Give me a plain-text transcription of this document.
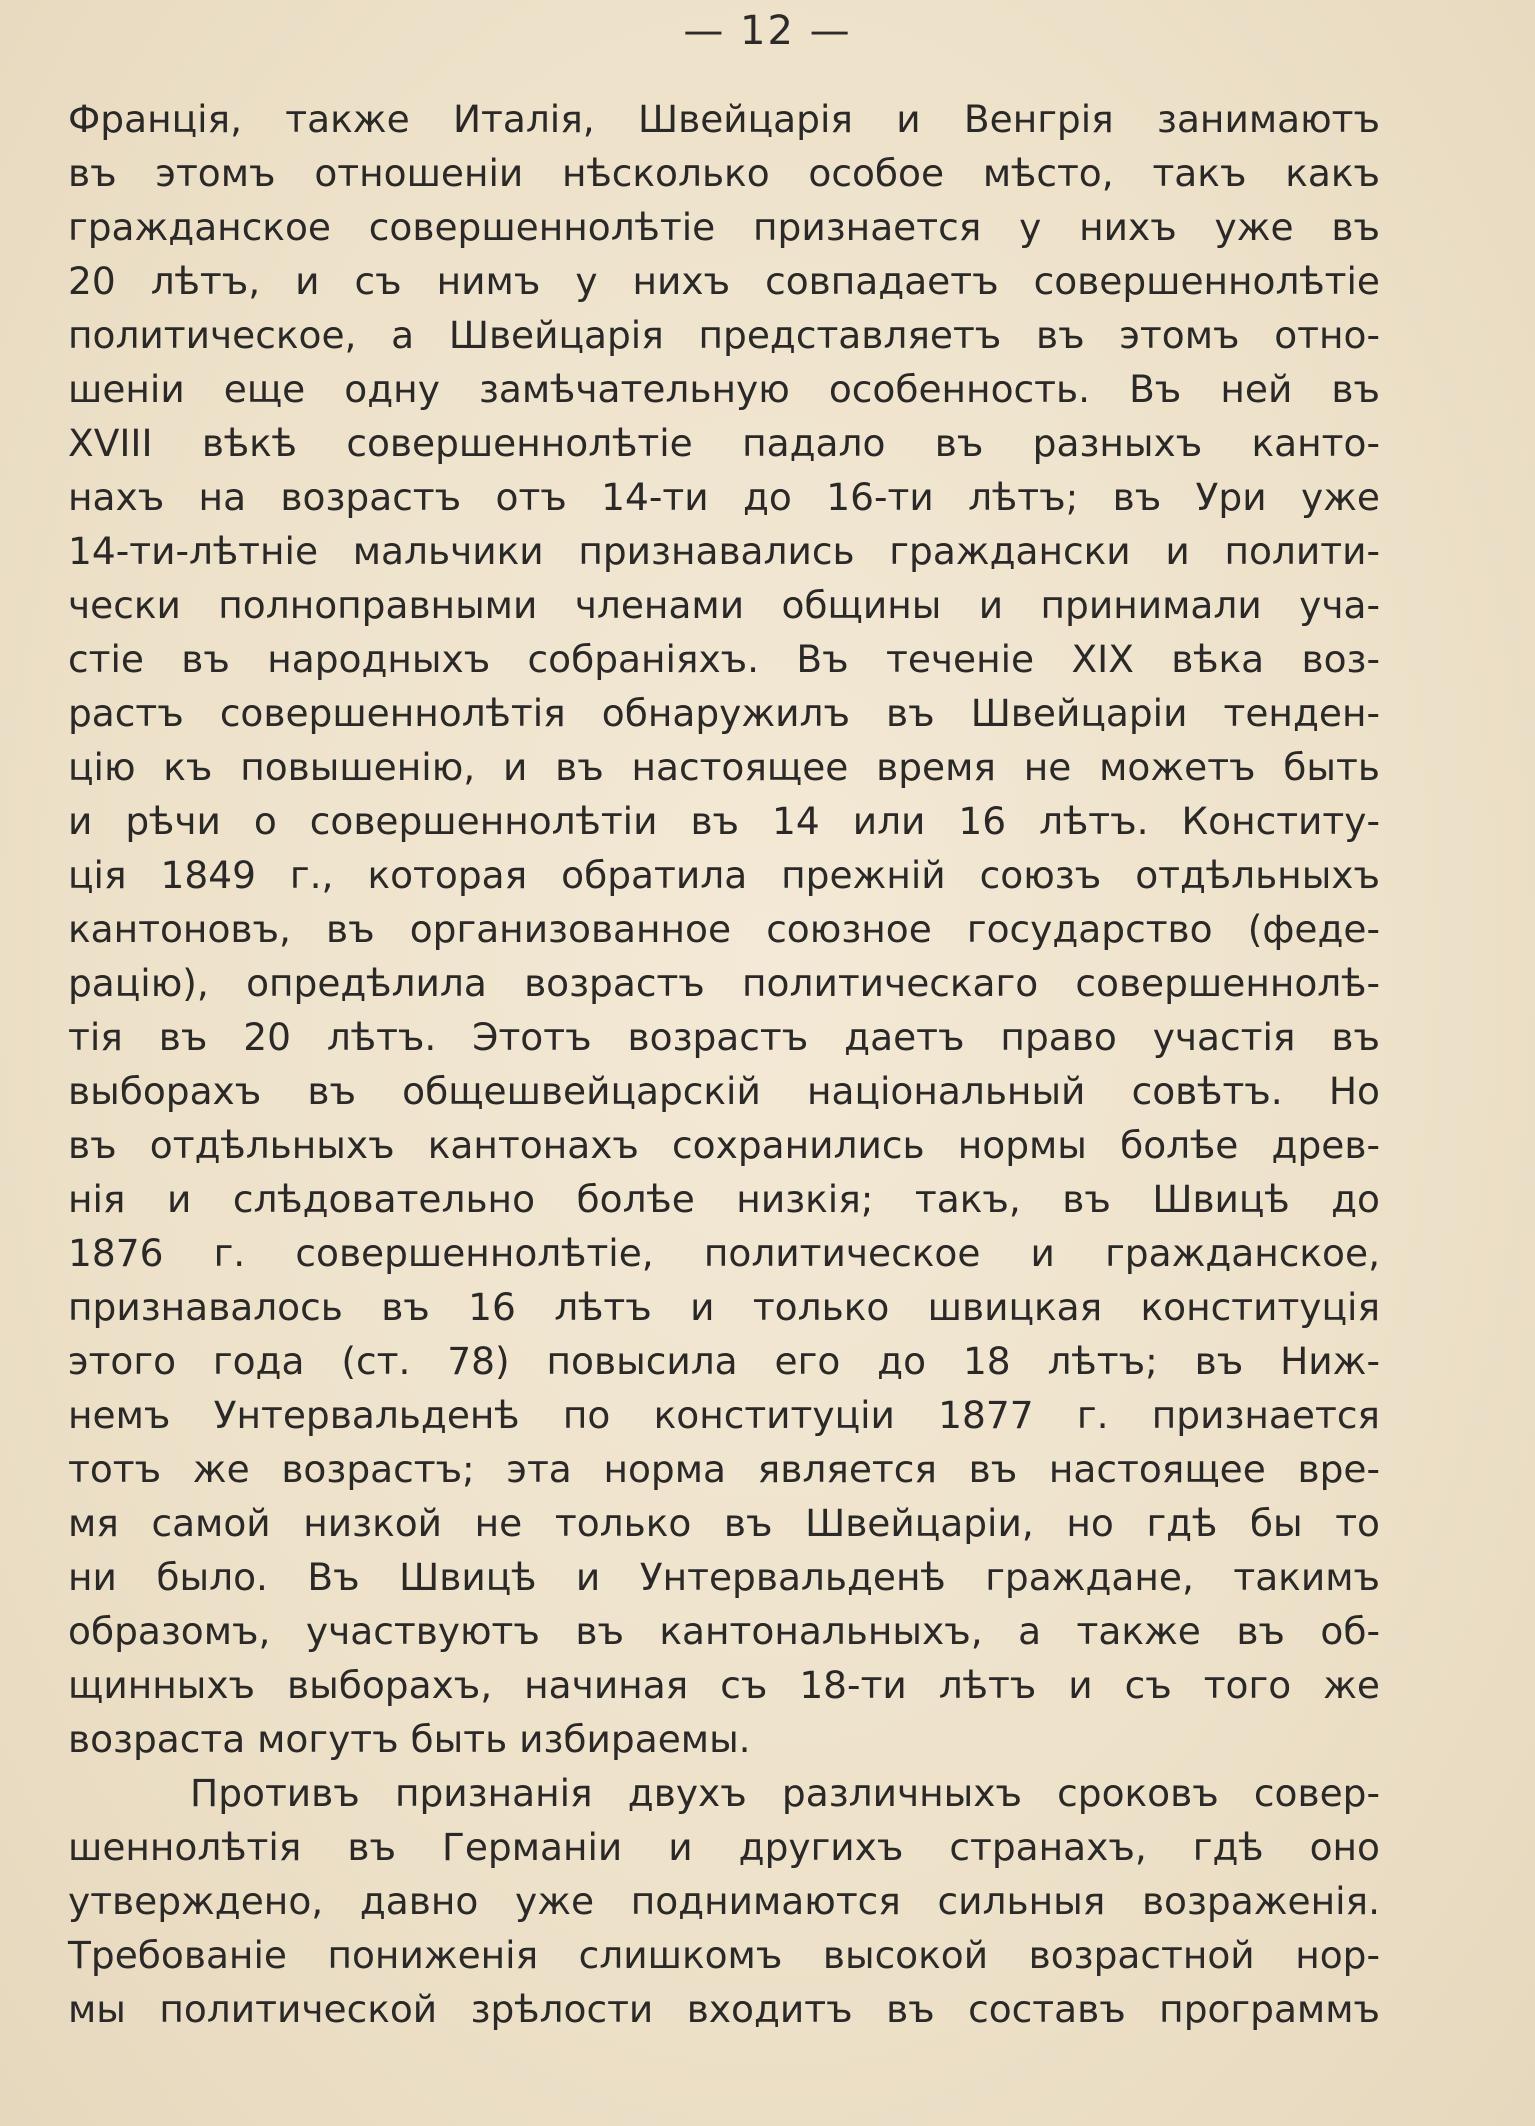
— 12 —
Францiя, также Италiя, Швейцарiя и Венгрiя занимаютъ
въ этомъ отношенiи нѣсколько особое мѣсто, такъ какъ
гражданское совершеннолѣтiе признается у нихъ уже въ
20 лѣтъ, и съ нимъ у нихъ совпадаетъ совершеннолѣтiе
политическое, а Швейцарiя представляетъ въ этомъ отно-
шенiи еще одну замѣчательную особенность. Въ ней въ
XVIII вѣкѣ совершеннолѣтiе падало въ разныхъ канто-
нахъ на возрастъ отъ 14-ти до 16-ти лѣтъ; въ Ури уже
14-ти-лѣтнiе мальчики признавались граждански и полити-
чески полноправными членами общины и принимали уча-
стiе въ народныхъ собранiяхъ. Въ теченiе XIX вѣка воз-
растъ совершеннолѣтiя обнаружилъ въ Швейцарiи тенден-
цiю къ повышенiю, и въ настоящее время не можетъ быть
и рѣчи о совершеннолѣтiи въ 14 или 16 лѣтъ. Конститу-
цiя 1849 г., которая обратила прежнiй союзъ отдѣльныхъ
кантоновъ, въ организованное союзное государство (феде-
рацiю), опредѣлила возрастъ политическаго совершеннолѣ-
тiя въ 20 лѣтъ. Этотъ возрастъ даетъ право участiя въ
выборахъ въ общешвейцарскiй нацiональный совѣтъ. Но
въ отдѣльныхъ кантонахъ сохранились нормы болѣе древ-
нiя и слѣдовательно болѣе низкiя; такъ, въ Швицѣ до
1876 г. совершеннолѣтiе, политическое и гражданское,
признавалось въ 16 лѣтъ и только швицкая конституцiя
этого года (ст. 78) повысила его до 18 лѣтъ; въ Ниж-
немъ Унтервальденѣ по конституцiи 1877 г. признается
тотъ же возрастъ; эта норма является въ настоящее вре-
мя самой низкой не только въ Швейцарiи, но гдѣ бы то
ни было. Въ Швицѣ и Унтервальденѣ граждане, такимъ
образомъ, участвуютъ въ кантональныхъ, а также въ об-
щинныхъ выборахъ, начиная съ 18-ти лѣтъ и съ того же
возраста могутъ быть избираемы.
Противъ признанiя двухъ различныхъ сроковъ совер-
шеннолѣтiя въ Германiи и другихъ странахъ, гдѣ оно
утверждено, давно уже поднимаются сильныя возраженiя.
Требованiе пониженiя слишкомъ высокой возрастной нор-
мы политической зрѣлости входитъ въ составъ программъ
